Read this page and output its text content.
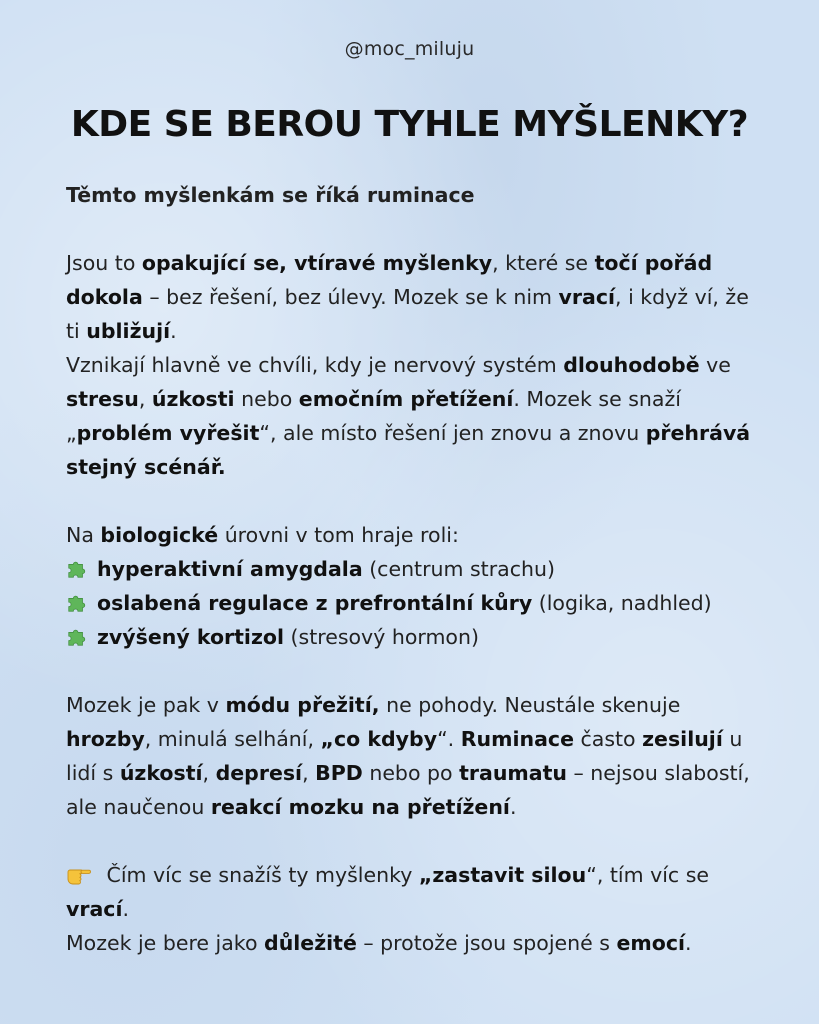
@moc_miluju
KDE SE BEROU TYHLE MYŠLENKY?

Těmto myšlenkám se říká ruminace

Jsou to opakující se, vtíravé myšlenky, které se točí pořád dokola – bez řešení, bez úlevy. Mozek se k nim vrací, i když ví, že ti ubližují.

Vznikají hlavně ve chvíli, kdy je nervový systém dlouhodobě ve stresu, úzkosti nebo emočním přetížení. Mozek se snaží „problém vyřešit“, ale místo řešení jen znovu a znovu přehrává stejný scénář.

Na biologické úrovni v tom hraje roli:

hyperaktivní amygdala (centrum strachu)
oslabená regulace z prefrontální kůry (logika, nadhled)
zvýšený kortizol (stresový hormon)

Mozek je pak v módu přežití, ne pohody. Neustále skenuje hrozby, minulá selhání, „co kdyby“. Ruminace často zesilují u lidí s úzkostí, depresí, BPD nebo po traumatu – nejsou slabostí, ale naučenou reakcí mozku na přetížení.

Čím víc se snažíš ty myšlenky „zastavit silou“, tím víc se vrací.

Mozek je bere jako důležité – protože jsou spojené s emocí.
